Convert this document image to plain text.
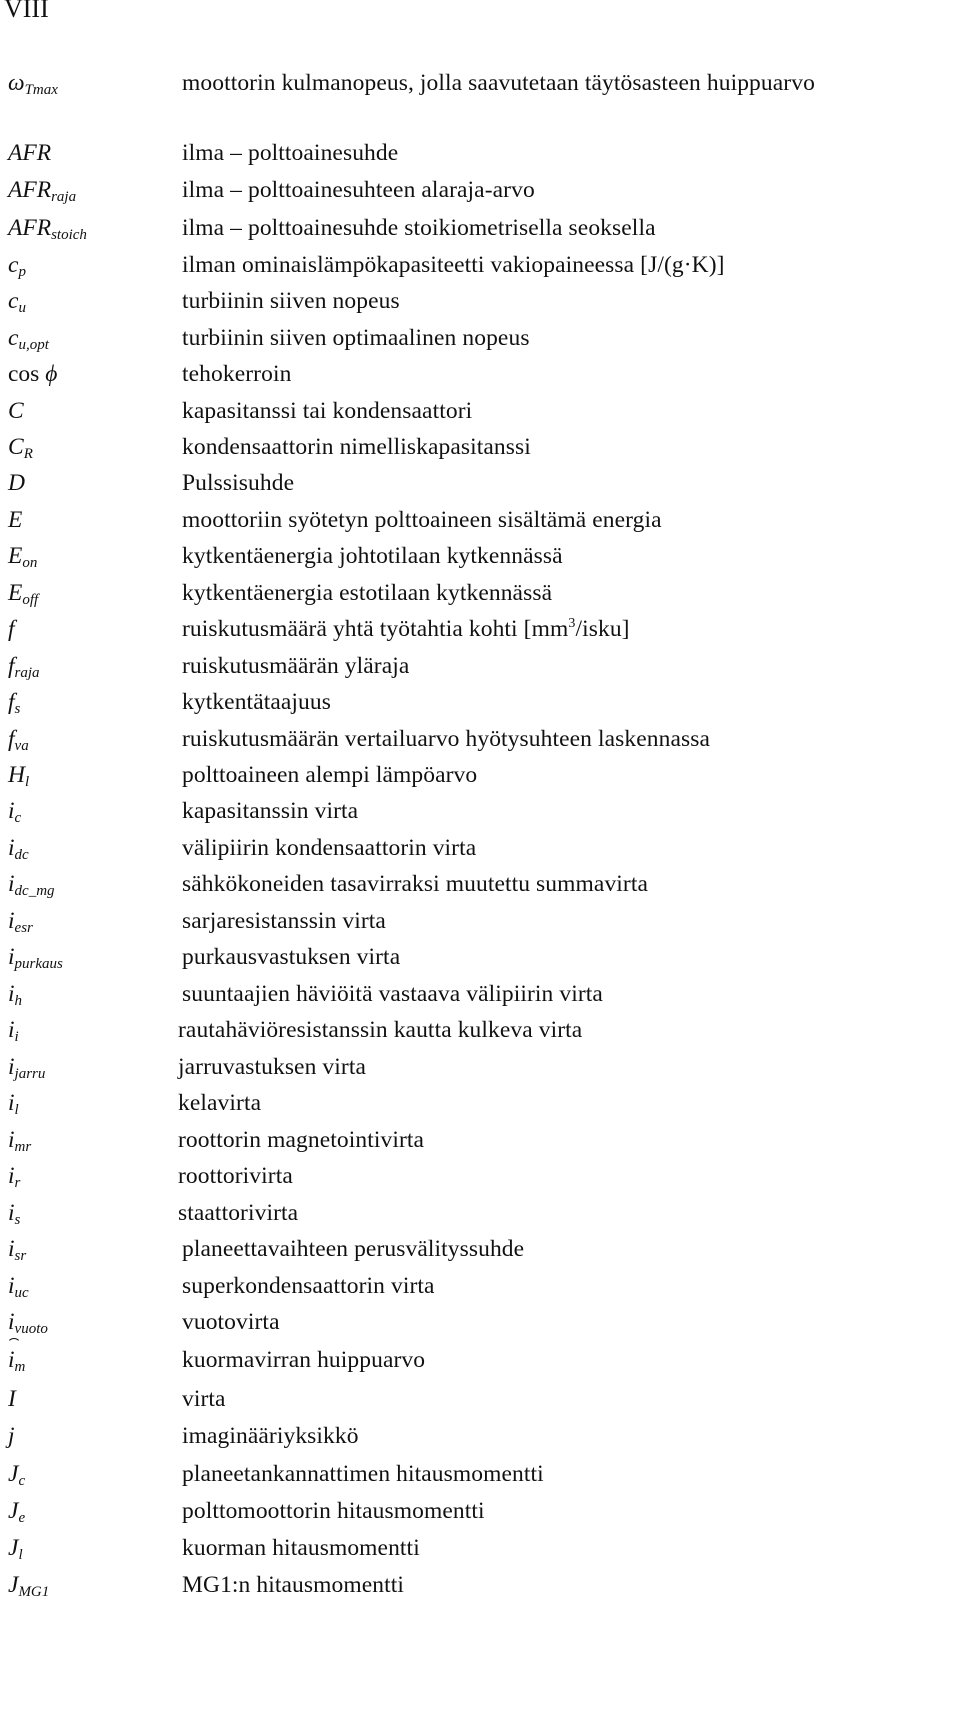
VIII
$\omega_{Tmax}$	moottorin kulmanopeus, jolla saavutetaan täytösasteen huippuarvo
AFR	ilma – polttoainesuhde
$AFR_{raja}$	ilma – polttoainesuhteen alaraja-arvo
$AFR_{stoich}$	ilma – polttoainesuhde stoikiometrisella seoksella
$c_p$	ilman ominaislämpökapasiteetti vakiopaineessa [J/(g·K)]
$c_u$	turbiinin siiven nopeus
$c_{u,opt}$	turbiinin siiven optimaalinen nopeus
cos ϕ	tehokerroin
C	kapasitanssi tai kondensaattori
$C_R$	kondensaattorin nimelliskapasitanssi
D	Pulssisuhde
E	moottoriin syötetyn polttoaineen sisältämä energia
$E_{on}$	kytkentäenergia johtotilaan kytkennässä
$E_{off}$	kytkentäenergia estotilaan kytkennässä
f	ruiskutusmäärä yhtä työtahtia kohti $[mm^3/isku]$
$f_{raja}$	ruiskutusmäärän yläraja
$f_s$	kytkentätaajuus
$f_{va}$	ruiskutusmäärän vertailuarvo hyötysuhteen laskennassa
$H_l$	polttoaineen alempi lämpöarvo
$i_c$	kapasitanssin virta
$i_{dc}$	välipiirin kondensaattorin virta
$i_{dc\_mg}$	sähkökoneiden tasavirraksi muutettu summavirta
$i_{esr}$	sarjaresistanssin virta
$i_{purkaus}$	purkausvastuksen virta
$i_h$	suuntaajien häviöitä vastaava välipiirin virta
$i_i$	rautahäviöresistanssin kautta kulkeva virta
$i_{jarru}$	jarruvastuksen virta
$i_l$	kelavirta
$i_{mr}$	roottorin magnetointivirta
$i_r$	roottorivirta
$i_s$	staattorivirta
$i_{sr}$	planeettavaihteen perusvälityssuhde
$i_{uc}$	superkondensaattorin virta
$i_{vuoto}$	vuotovirta
$i_m$	kuormavirran huippuarvo
I	virta
j	imaginääriyksikkö
$J_c$	planeetankannattimen hitausmomentti
$J_e$	polttomoottorin hitausmomentti
$J_l$	kuorman hitausmomentti
$J_{MG1}$	MG1:n hitausmomentti
